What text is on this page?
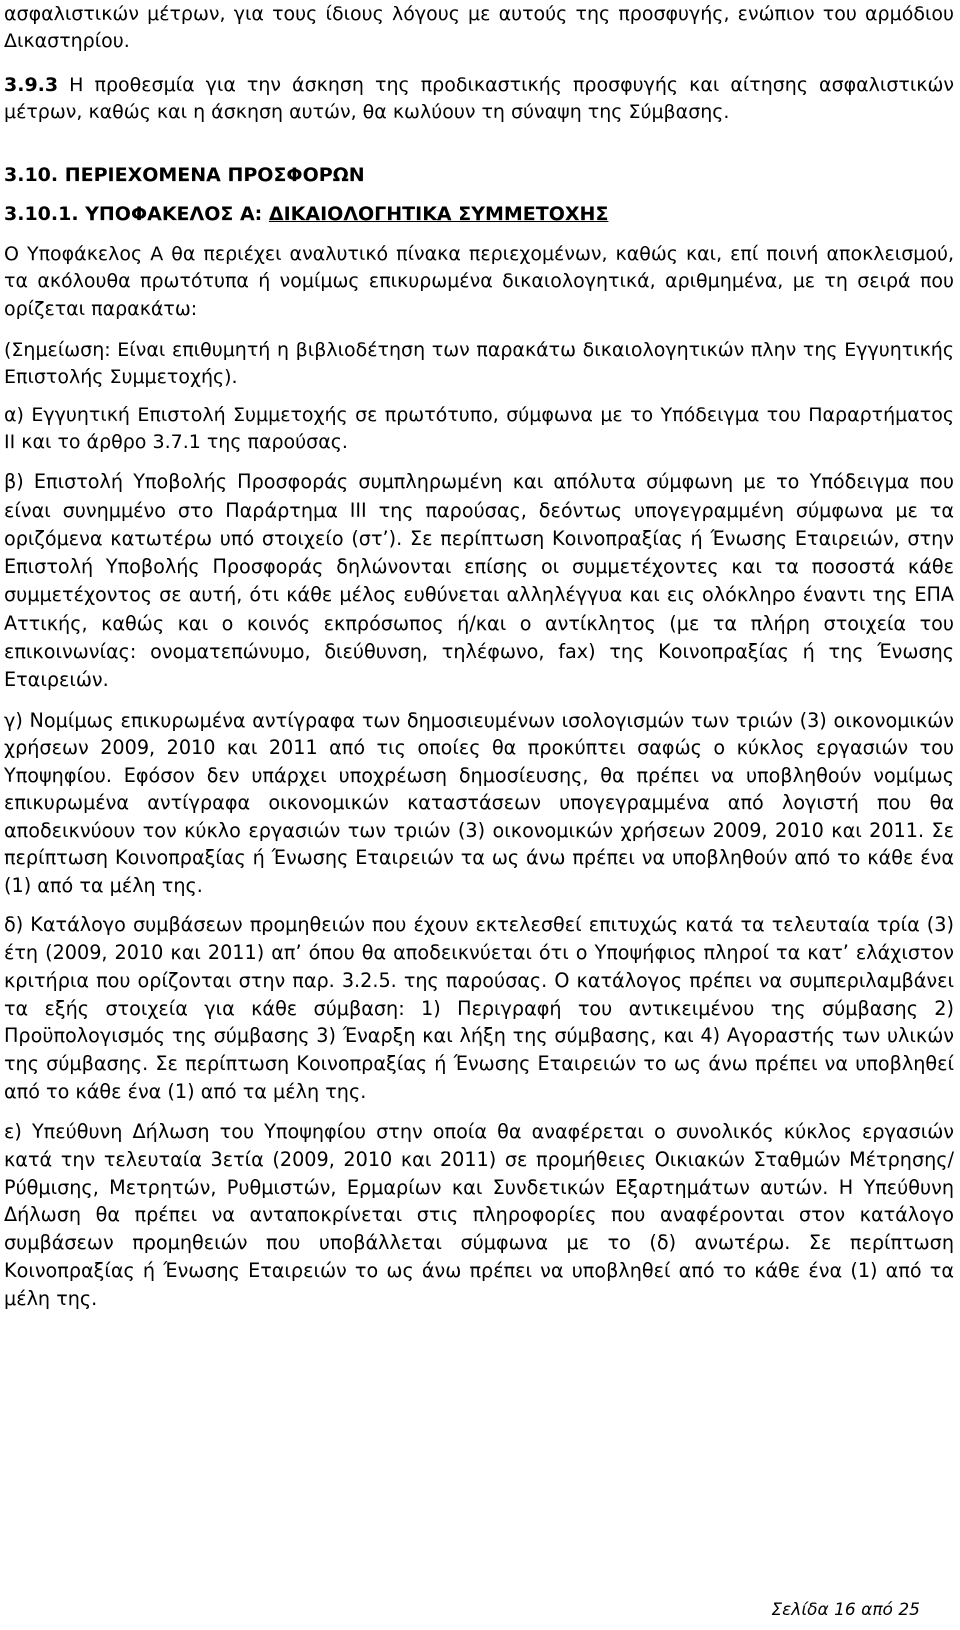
ασφαλιστικών μέτρων, για τους ίδιους λόγους με αυτούς της προσφυγής, ενώπιον του αρμόδιου Δικαστηρίου.

3.9.3 Η προθεσμία για την άσκηση της προδικαστικής προσφυγής και αίτησης ασφαλιστικών μέτρων, καθώς και η άσκηση αυτών, θα κωλύουν τη σύναψη της Σύμβασης.

3.10. ΠΕΡΙΕΧΟΜΕΝΑ ΠΡΟΣΦΟΡΩΝ

3.10.1. ΥΠΟΦΑΚΕΛΟΣ Α: ΔΙΚΑΙΟΛΟΓΗΤΙΚΑ ΣΥΜΜΕΤΟΧΗΣ

Ο Υποφάκελος Α θα περιέχει αναλυτικό πίνακα περιεχομένων, καθώς και, επί ποινή αποκλεισμού, τα ακόλουθα πρωτότυπα ή νομίμως επικυρωμένα δικαιολογητικά, αριθμημένα, με τη σειρά που ορίζεται παρακάτω:

(Σημείωση: Είναι επιθυμητή η βιβλιοδέτηση των παρακάτω δικαιολογητικών πλην της Εγγυητικής Επιστολής Συμμετοχής).

α) Εγγυητική Επιστολή Συμμετοχής σε πρωτότυπο, σύμφωνα με το Υπόδειγμα του Παραρτήματος ΙΙ και το άρθρο 3.7.1 της παρούσας.

β) Επιστολή Υποβολής Προσφοράς συμπληρωμένη και απόλυτα σύμφωνη με το Υπόδειγμα που είναι συνημμένο στο Παράρτημα ΙΙΙ της παρούσας, δεόντως υπογεγραμμένη σύμφωνα με τα οριζόμενα κατωτέρω υπό στοιχείο (στ’). Σε περίπτωση Κοινοπραξίας ή Ένωσης Εταιρειών, στην Επιστολή Υποβολής Προσφοράς δηλώνονται επίσης οι συμμετέχοντες και τα ποσοστά κάθε συμμετέχοντος σε αυτή, ότι κάθε μέλος ευθύνεται αλληλέγγυα και εις ολόκληρο έναντι της ΕΠΑ Αττικής, καθώς και ο κοινός εκπρόσωπος ή/και ο αντίκλητος (με τα πλήρη στοιχεία του επικοινωνίας: ονοματεπώνυμο, διεύθυνση, τηλέφωνο, fax) της Κοινοπραξίας ή της Ένωσης Εταιρειών.

γ) Νομίμως επικυρωμένα αντίγραφα των δημοσιευμένων ισολογισμών των τριών (3) οικονομικών χρήσεων 2009, 2010 και 2011 από τις οποίες θα προκύπτει σαφώς ο κύκλος εργασιών του Υποψηφίου. Εφόσον δεν υπάρχει υποχρέωση δημοσίευσης, θα πρέπει να υποβληθούν νομίμως επικυρωμένα αντίγραφα οικονομικών καταστάσεων υπογεγραμμένα από λογιστή που θα αποδεικνύουν τον κύκλο εργασιών των τριών (3) οικονομικών χρήσεων 2009, 2010 και 2011. Σε περίπτωση Κοινοπραξίας ή Ένωσης Εταιρειών τα ως άνω πρέπει να υποβληθούν από το κάθε ένα (1) από τα μέλη της.

δ) Κατάλογο συμβάσεων προμηθειών που έχουν εκτελεσθεί επιτυχώς κατά τα τελευταία τρία (3) έτη (2009, 2010 και 2011) απ’ όπου θα αποδεικνύεται ότι ο Υποψήφιος πληροί τα κατ’ ελάχιστον κριτήρια που ορίζονται στην παρ. 3.2.5. της παρούσας. Ο κατάλογος πρέπει να συμπεριλαμβάνει τα εξής στοιχεία για κάθε σύμβαση: 1) Περιγραφή του αντικειμένου της σύμβασης 2) Προϋπολογισμός της σύμβασης 3) Έναρξη και λήξη της σύμβασης, και 4) Αγοραστής των υλικών της σύμβασης. Σε περίπτωση Κοινοπραξίας ή Ένωσης Εταιρειών το ως άνω πρέπει να υποβληθεί από το κάθε ένα (1) από τα μέλη της.

ε) Υπεύθυνη Δήλωση του Υποψηφίου στην οποία θα αναφέρεται ο συνολικός κύκλος εργασιών κατά την τελευταία 3ετία (2009, 2010 και 2011) σε προμήθειες Οικιακών Σταθμών Μέτρησης/Ρύθμισης, Μετρητών, Ρυθμιστών, Ερμαρίων και Συνδετικών Εξαρτημάτων αυτών. Η Υπεύθυνη Δήλωση θα πρέπει να ανταποκρίνεται στις πληροφορίες που αναφέρονται στον κατάλογο συμβάσεων προμηθειών που υποβάλλεται σύμφωνα με το (δ) ανωτέρω. Σε περίπτωση Κοινοπραξίας ή Ένωσης Εταιρειών το ως άνω πρέπει να υποβληθεί από το κάθε ένα (1) από τα μέλη της.

Σελίδα 16 από 25
